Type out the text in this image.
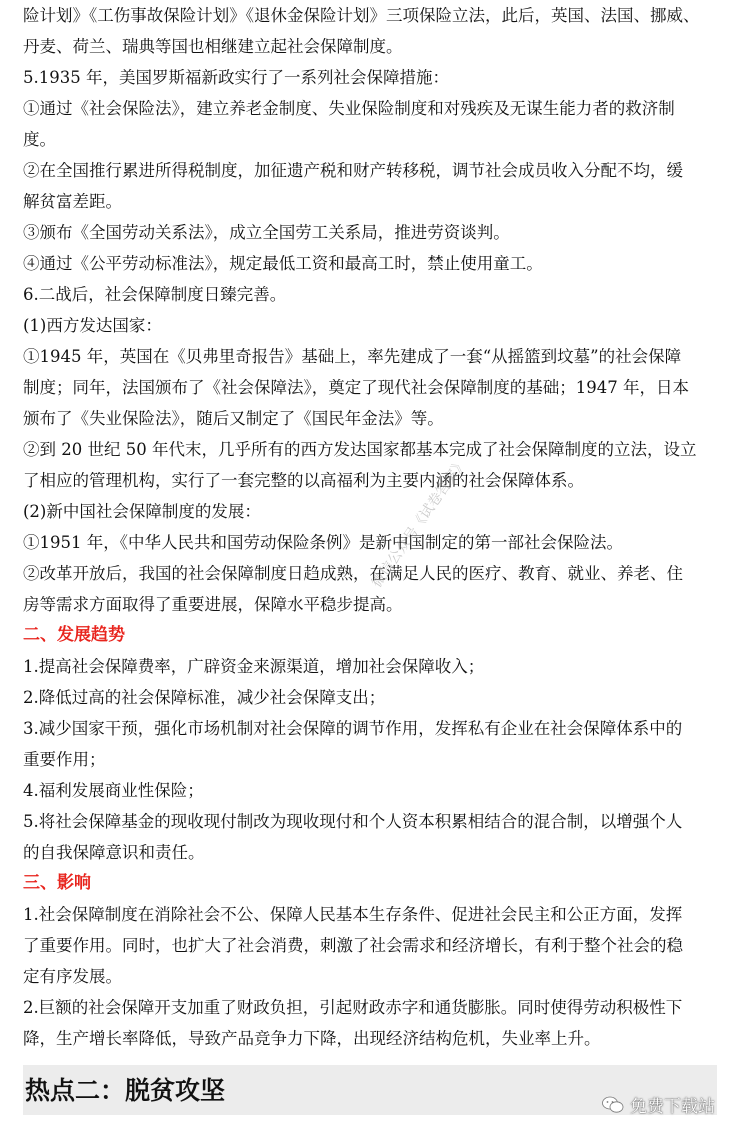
险计划》《工伤事故保险计划》《退休金保险计划》三项保险立法，此后，英国、法国、挪威、

丹麦、荷兰、瑞典等国也相继建立起社会保障制度。

5.1935 年，美国罗斯福新政实行了一系列社会保障措施：

①通过《社会保险法》，建立养老金制度、失业保险制度和对残疾及无谋生能力者的救济制

度。

②在全国推行累进所得税制度，加征遗产税和财产转移税，调节社会成员收入分配不均，缓

解贫富差距。

③颁布《全国劳动关系法》，成立全国劳工关系局，推进劳资谈判。

④通过《公平劳动标准法》，规定最低工资和最高工时，禁止使用童工。

6.二战后，社会保障制度日臻完善。

(1)西方发达国家：

①1945 年，英国在《贝弗里奇报告》基础上，率先建成了一套“从摇篮到坟墓”的社会保障

制度；同年，法国颁布了《社会保障法》，奠定了现代社会保障制度的基础；1947 年，日本

颁布了《失业保险法》，随后又制定了《国民年金法》等。

②到 20 世纪 50 年代末，几乎所有的西方发达国家都基本完成了社会保障制度的立法，设立

了相应的管理机构，实行了一套完整的以高福利为主要内涵的社会保障体系。

(2)新中国社会保障制度的发展：

①1951 年，《中华人民共和国劳动保险条例》是新中国制定的第一部社会保险法。

②改革开放后，我国的社会保障制度日趋成熟，在满足人民的医疗、教育、就业、养老、住

房等需求方面取得了重要进展，保障水平稳步提高。

二、发展趋势

1.提高社会保障费率，广辟资金来源渠道，增加社会保障收入；

2.降低过高的社会保障标准，减少社会保障支出；

3.减少国家干预，强化市场机制对社会保障的调节作用，发挥私有企业在社会保障体系中的

重要作用；

4.福利发展商业性保险；

5.将社会保障基金的现收现付制改为现收现付和个人资本积累相结合的混合制，以增强个人

的自我保障意识和责任。

三、影响

1.社会保障制度在消除社会不公、保障人民基本生存条件、促进社会民主和公正方面，发挥

了重要作用。同时，也扩大了社会消费，刺激了社会需求和经济增长，有利于整个社会的稳

定有序发展。

2.巨额的社会保障开支加重了财政负担，引起财政赤字和通货膨胀。同时使得劳动积极性下

降，生产增长率降低，导致产品竞争力下降，出现经济结构危机，失业率上升。

微信公众号《试卷答案》
热点二：脱贫攻坚
免费下载站
